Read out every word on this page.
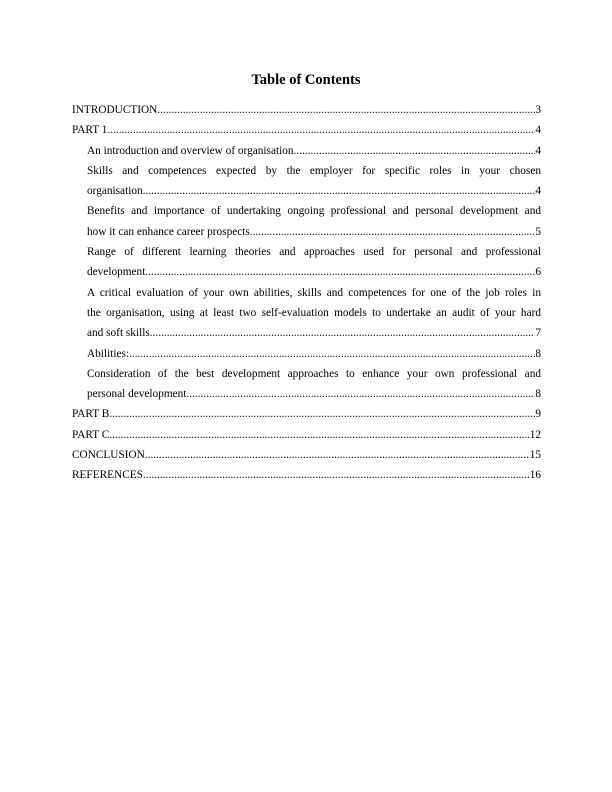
Table of Contents
INTRODUCTION .....	3
PART 1 .....	4
An introduction and overview of organisation .....	4
Skills and competences expected by the employer for specific roles in your chosen
organisation .....	4
Benefits and importance of undertaking ongoing professional and personal development and
how it can enhance career prospects .....	5
Range of different learning theories and approaches used for personal and professional
development .....	6
A critical evaluation of your own abilities, skills and competences for one of the job roles in
the organisation, using at least two self-evaluation models to undertake an audit of your hard
and soft skills .....	7
Abilities: .....	8
Consideration of the best development approaches to enhance your own professional and
personal development .....	8
PART B .....	9
PART C .....	12
CONCLUSION .....	15
REFERENCES .....	16
